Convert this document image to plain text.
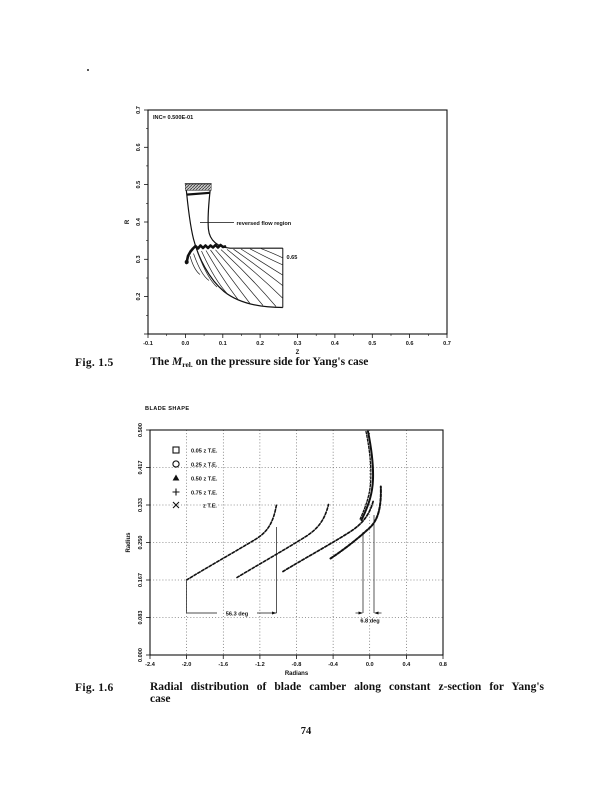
-0.1	0.0	0.1	0.2	0.3	0.4	0.5	0.6	0.7
Z
0.7
0.6
0.5
0.4
0.3
0.2
R
INC= 0.500E-01
0.65
reversed flow region
Fig. 1.5	The $M_{rel.}$ on the pressure side for Yang's case
BLADE SHAPE
-2.4	-2.0	-1.6	-1.2	-0.8	-0.4	0.0	0.4	0.8
Radians
0.500
0.417
0.333
0.250
0.167
0.083
0.000
Radius
0.05 z T.E.
0.25 z T.E.
0.50 z T.E.
0.75 z T.E.
z T.E.
56.3 deg
6.8 deg
Fig. 1.6	Radial distribution of blade camber along constant z-section for Yang's
case
74
